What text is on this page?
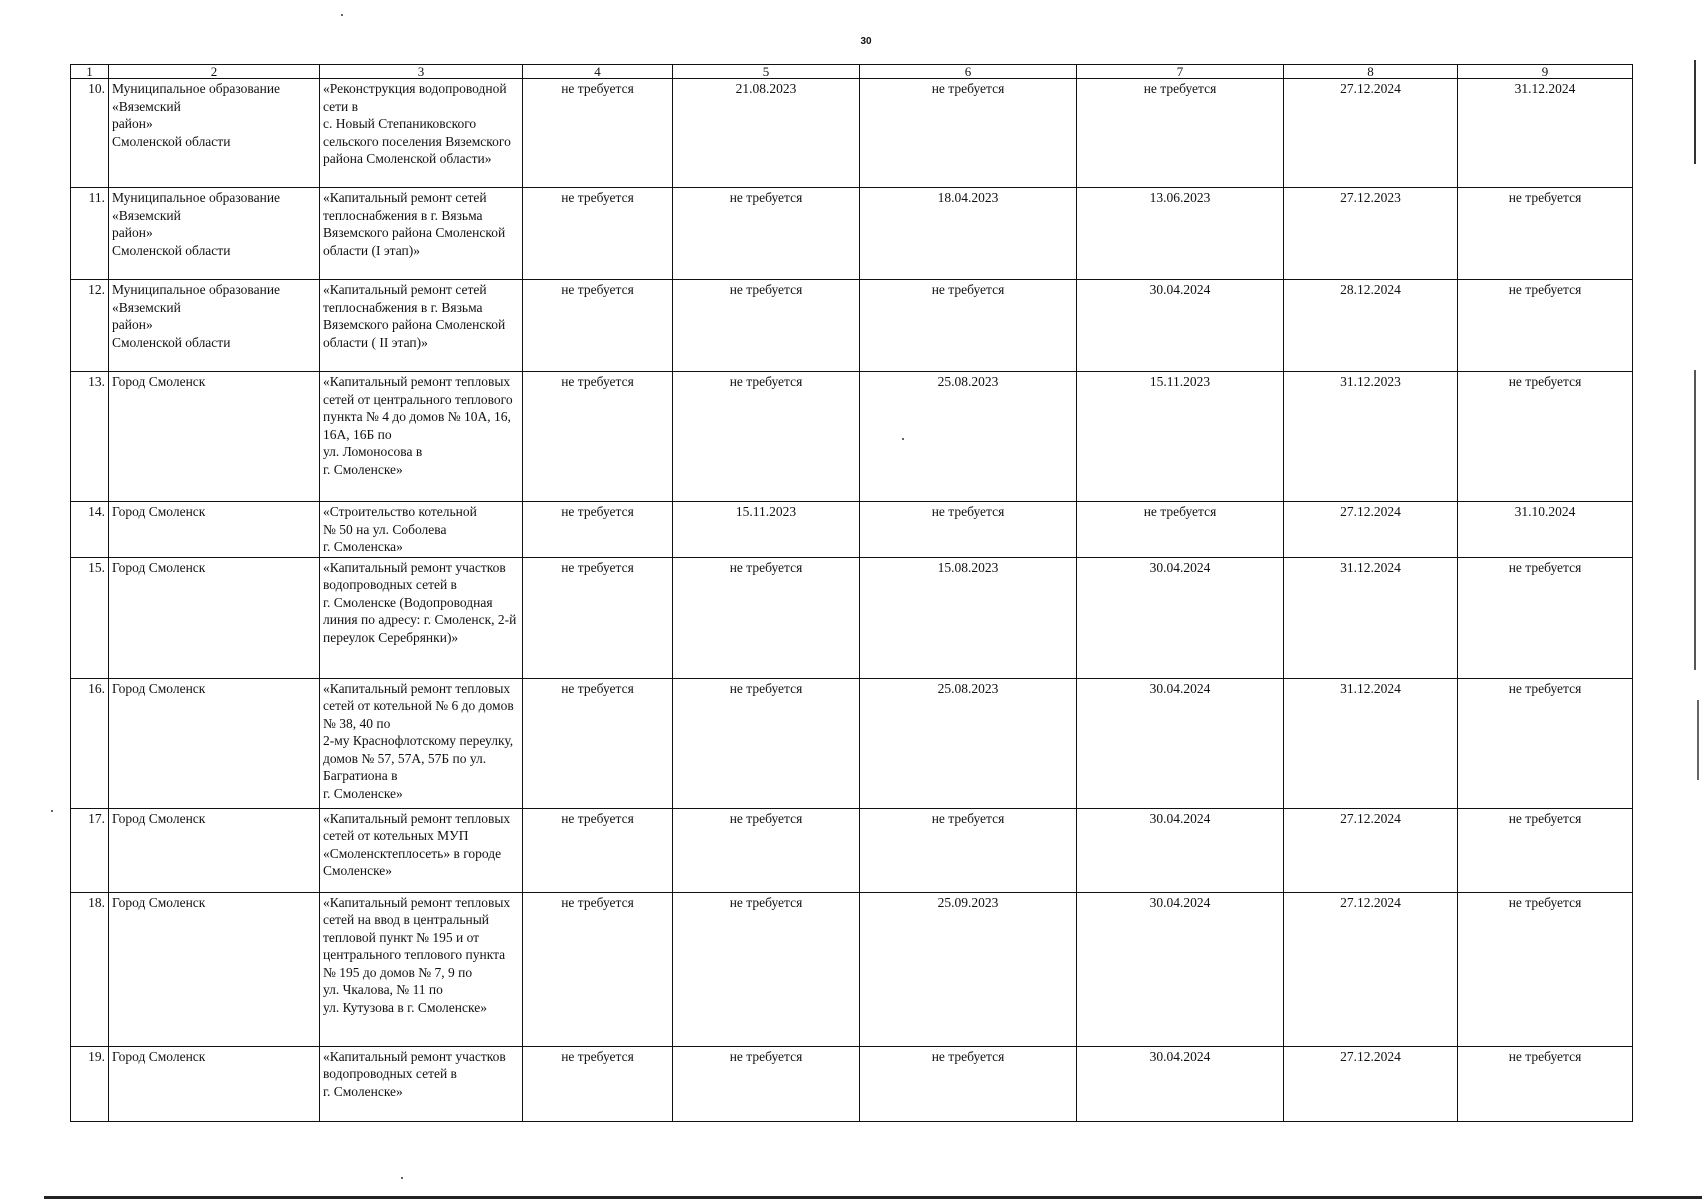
30
1	2	3	4	5	6	7	8	9
10.	Муниципальное образование
«Вяземский
район»
Смоленской области	«Реконструкция водопроводной сети в
с. Новый Степаниковского сельского поселения Вяземского района Смоленской области»	не требуется	21.08.2023	не требуется	не требуется	27.12.2024	31.12.2024
11.	Муниципальное образование
«Вяземский
район»
Смоленской области	«Капитальный ремонт сетей теплоснабжения в г. Вязьма Вяземского района Смоленской области (I этап)»	не требуется	не требуется	18.04.2023	13.06.2023	27.12.2023	не требуется
12.	Муниципальное образование
«Вяземский
район»
Смоленской области	«Капитальный ремонт сетей теплоснабжения в г. Вязьма Вяземского района Смоленской области ( II этап)»	не требуется	не требуется	не требуется	30.04.2024	28.12.2024	не требуется
13.	Город Смоленск	«Капитальный ремонт тепловых сетей от центрального теплового пункта № 4 до домов № 10А, 16, 16А, 16Б по
ул. Ломоносова в
г. Смоленске»	не требуется	не требуется	25.08.2023	15.11.2023	31.12.2023	не требуется
14.	Город Смоленск	«Строительство котельной
№ 50 на ул. Соболева
г. Смоленска»	не требуется	15.11.2023	не требуется	не требуется	27.12.2024	31.10.2024
15.	Город Смоленск	«Капитальный ремонт участков водопроводных сетей в
г. Смоленске (Водопроводная линия по адресу: г. Смоленск, 2-й переулок Серебрянки)»	не требуется	не требуется	15.08.2023	30.04.2024	31.12.2024	не требуется
16.	Город Смоленск	«Капитальный ремонт тепловых сетей от котельной № 6 до домов № 38, 40 по
2-му Краснофлотскому переулку, домов № 57, 57А, 57Б по ул. Багратиона в
г. Смоленске»	не требуется	не требуется	25.08.2023	30.04.2024	31.12.2024	не требуется
17.	Город Смоленск	«Капитальный ремонт тепловых сетей от котельных МУП «Смоленсктеплосеть» в городе Смоленске»	не требуется	не требуется	не требуется	30.04.2024	27.12.2024	не требуется
18.	Город Смоленск	«Капитальный ремонт тепловых сетей на ввод в центральный тепловой пункт № 195 и от центрального теплового пункта № 195 до домов № 7, 9 по
ул. Чкалова, № 11 по
ул. Кутузова в г. Смоленске»	не требуется	не требуется	25.09.2023	30.04.2024	27.12.2024	не требуется
19.	Город Смоленск	«Капитальный ремонт участков водопроводных сетей в
г. Смоленске»	не требуется	не требуется	не требуется	30.04.2024	27.12.2024	не требуется
